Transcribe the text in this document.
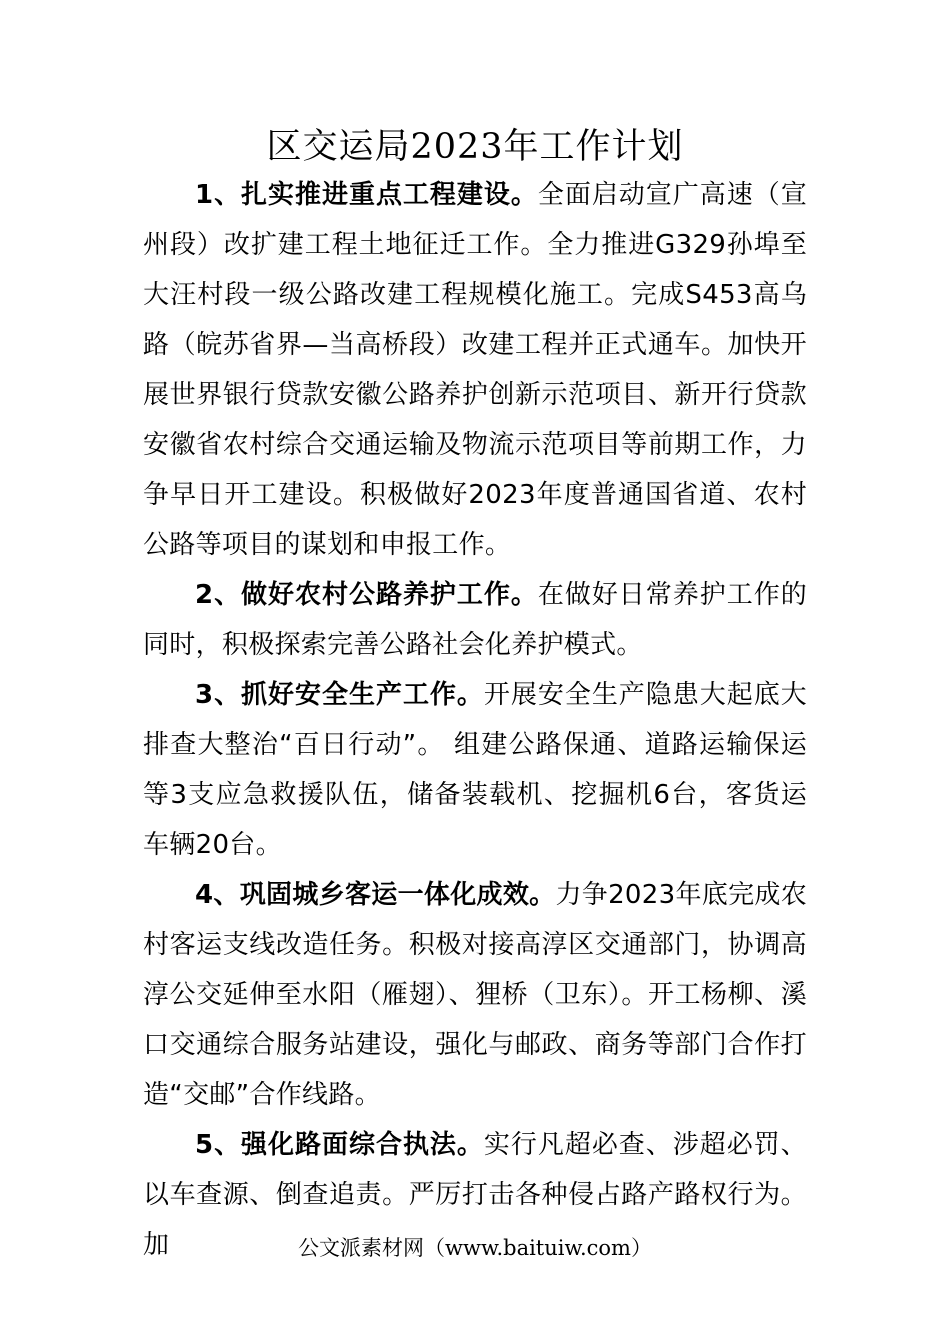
区交运局2023年工作计划

1、扎实推进重点工程建设。全面启动宣广高速（宣州段）改扩建工程土地征迁工作。全力推进G329孙埠至大汪村段一级公路改建工程规模化施工。完成S453高乌路（皖苏省界—当高桥段）改建工程并正式通车。加快开展世界银行贷款安徽公路养护创新示范项目、新开行贷款安徽省农村综合交通运输及物流示范项目等前期工作，力争早日开工建设。积极做好2023年度普通国省道、农村公路等项目的谋划和申报工作。

2、做好农村公路养护工作。在做好日常养护工作的同时，积极探索完善公路社会化养护模式。

3、抓好安全生产工作。开展安全生产隐患大起底大排查大整治“百日行动”。 组建公路保通、道路运输保运等3支应急救援队伍，储备装载机、挖掘机6台，客货运车辆20台。

4、巩固城乡客运一体化成效。力争2023年底完成农村客运支线改造任务。积极对接高淳区交通部门，协调高淳公交延伸至水阳（雁翅）、狸桥（卫东）。开工杨柳、溪口交通综合服务站建设，强化与邮政、商务等部门合作打造“交邮”合作线路。

5、强化路面综合执法。实行凡超必查、涉超必罚、以车查源、倒查追责。严厉打击各种侵占路产路权行为。加	公文派素材网（www.baituiw.com）
